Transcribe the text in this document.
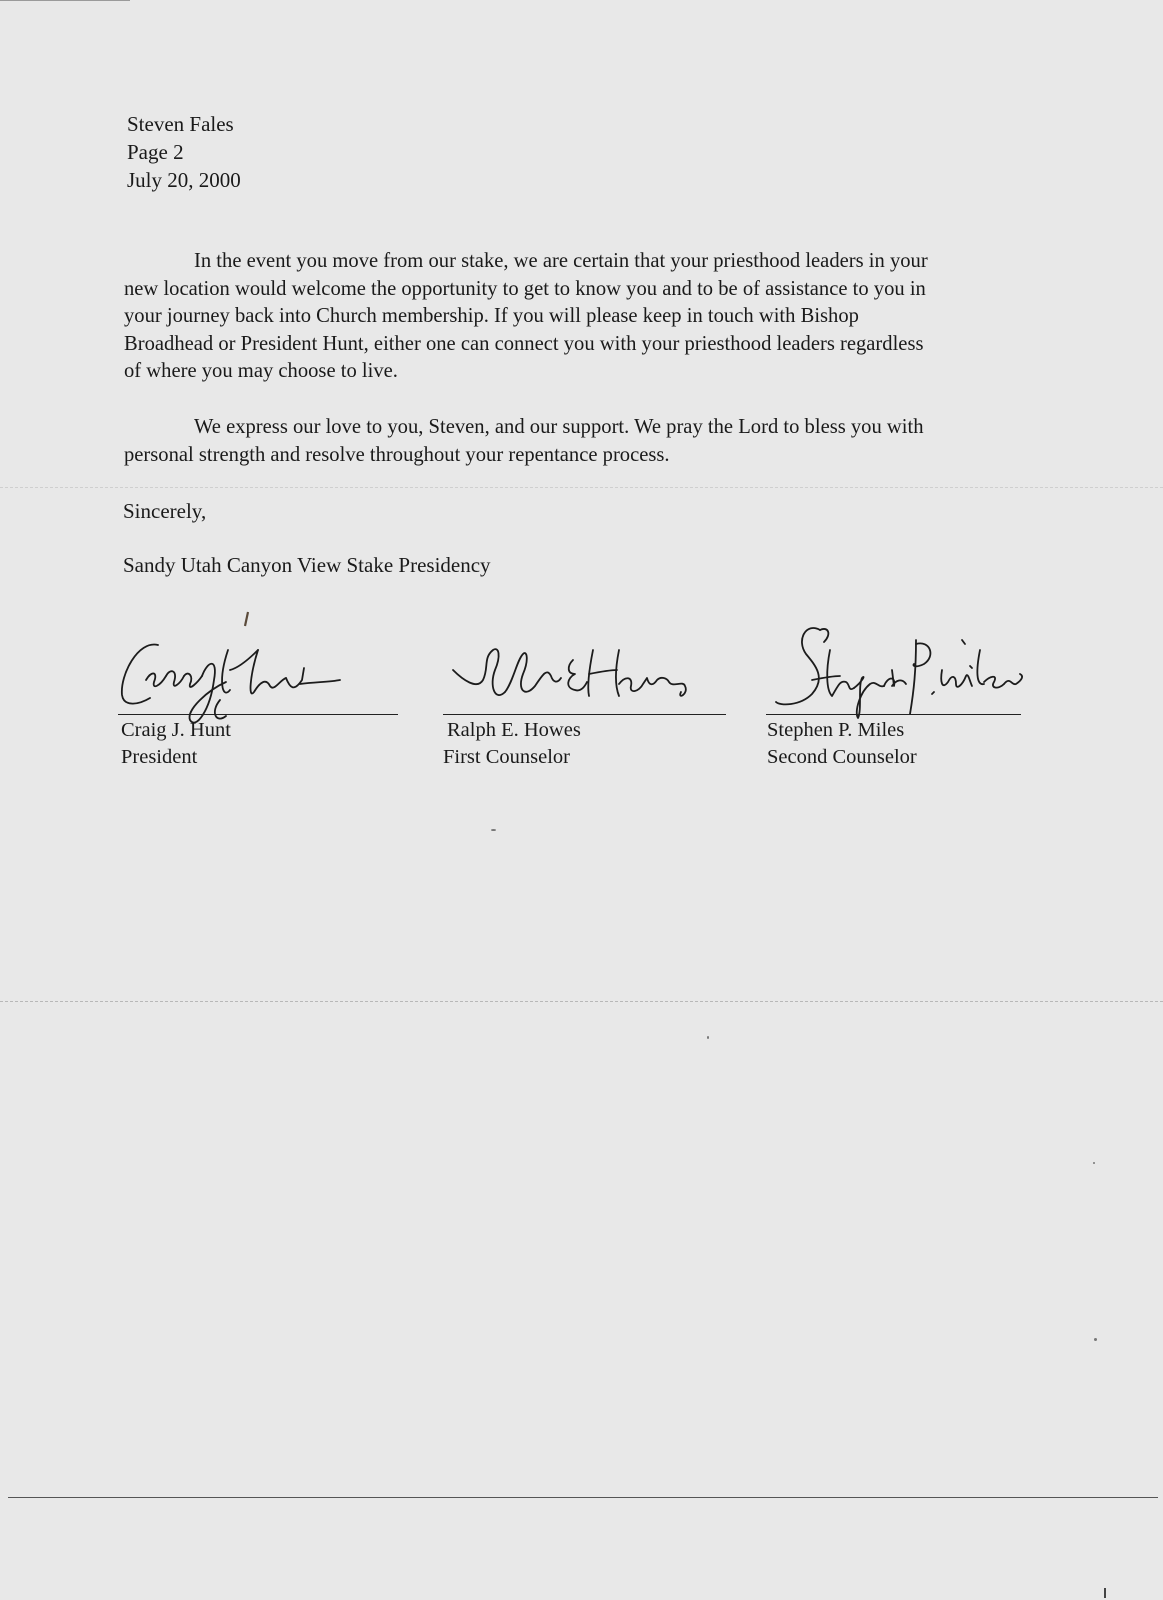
Steven Fales
Page 2
July 20, 2000
In the event you move from our stake, we are certain that your priesthood leaders in your
new location would welcome the opportunity to get to know you and to be of assistance to you in
your journey back into Church membership. If you will please keep in touch with Bishop
Broadhead or President Hunt, either one can connect you with your priesthood leaders regardless
of where you may choose to live.
We express our love to you, Steven, and our support. We pray the Lord to bless you with
personal strength and resolve throughout your repentance process.
Sincerely,
Sandy Utah Canyon View Stake Presidency
Craig J. Hunt
President
Ralph E. Howes
First Counselor
Stephen P. Miles
Second Counselor
